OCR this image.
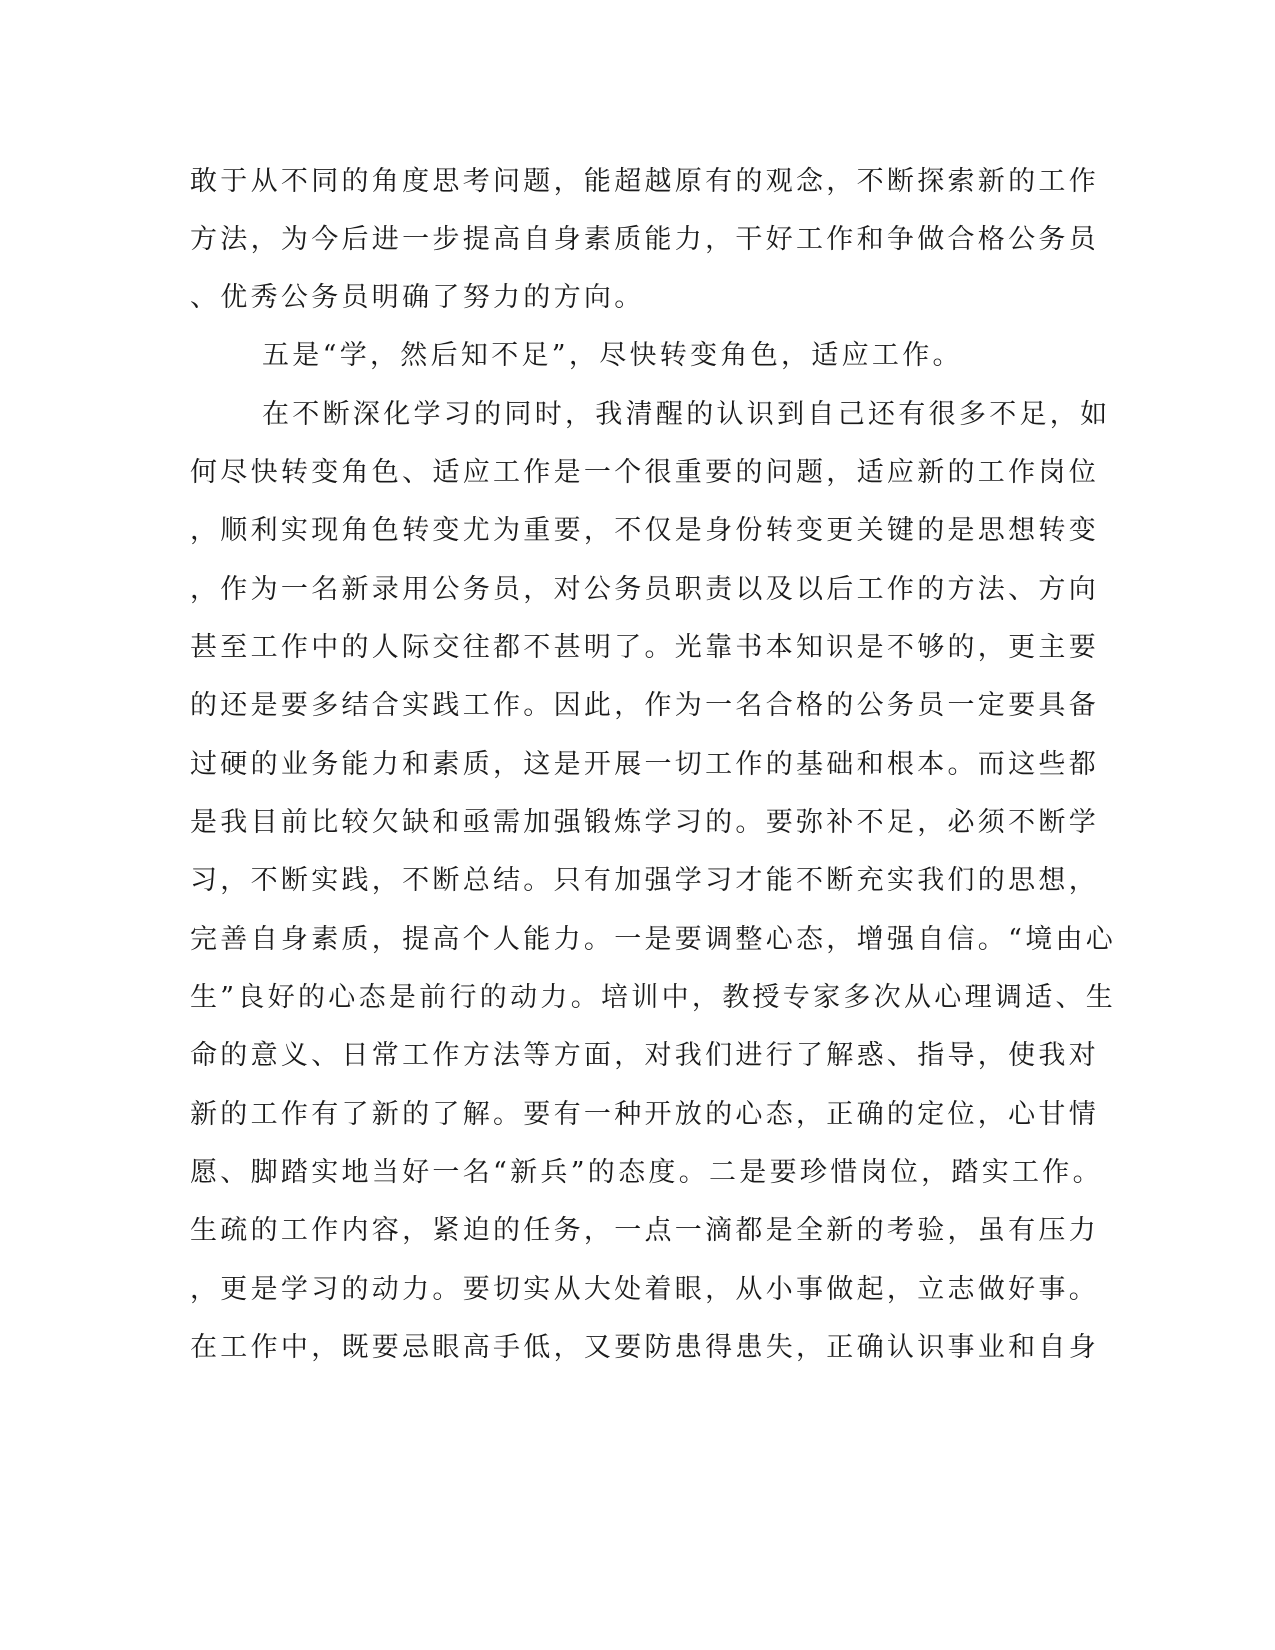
敢于从不同的角度思考问题，能超越原有的观念，不断探索新的工作
方法，为今后进一步提高自身素质能力，干好工作和争做合格公务员
、优秀公务员明确了努力的方向。
五是“学，然后知不足”，尽快转变角色，适应工作。
在不断深化学习的同时，我清醒的认识到自己还有很多不足，如
何尽快转变角色、适应工作是一个很重要的问题，适应新的工作岗位
，顺利实现角色转变尤为重要，不仅是身份转变更关键的是思想转变
，作为一名新录用公务员，对公务员职责以及以后工作的方法、方向
甚至工作中的人际交往都不甚明了。光靠书本知识是不够的，更主要
的还是要多结合实践工作。因此，作为一名合格的公务员一定要具备
过硬的业务能力和素质，这是开展一切工作的基础和根本。而这些都
是我目前比较欠缺和亟需加强锻炼学习的。要弥补不足，必须不断学
习，不断实践，不断总结。只有加强学习才能不断充实我们的思想，
完善自身素质，提高个人能力。一是要调整心态，增强自信。“境由心
生”良好的心态是前行的动力。培训中，教授专家多次从心理调适、生
命的意义、日常工作方法等方面，对我们进行了解惑、指导，使我对
新的工作有了新的了解。要有一种开放的心态，正确的定位，心甘情
愿、脚踏实地当好一名“新兵”的态度。二是要珍惜岗位，踏实工作。
生疏的工作内容，紧迫的任务，一点一滴都是全新的考验，虽有压力
，更是学习的动力。要切实从大处着眼，从小事做起，立志做好事。
在工作中，既要忌眼高手低，又要防患得患失，正确认识事业和自身
